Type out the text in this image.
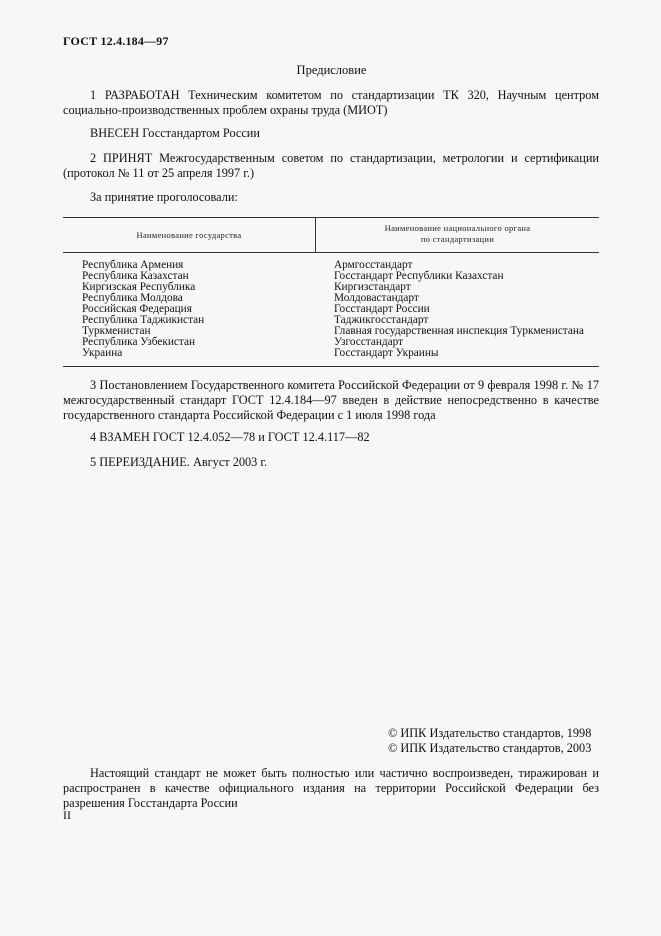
ГОСТ 12.4.184—97
Предисловие
1 РАЗРАБОТАН Техническим комитетом по стандартизации ТК 320, Научным центром социально-производственных проблем охраны труда (МИОТ)
ВНЕСЕН Госстандартом России
2 ПРИНЯТ Межгосударственным советом по стандартизации, метрологии и сертификации (протокол № 11 от 25 апреля 1997 г.)
За принятие проголосовали:
Наименование государства
Наименование национального органа
по стандартизации
Республика Армения
Республика Казахстан
Киргизская Республика
Республика Молдова
Российская Федерация
Республика Таджикистан
Туркменистан
Республика Узбекистан
Украина
Армгосстандарт
Госстандарт Республики Казахстан
Киргизстандарт
Молдовастандарт
Госстандарт России
Таджикгосстандарт
Главная государственная инспекция Туркменистана
Узгосстандарт
Госстандарт Украины
3 Постановлением Государственного комитета Российской Федерации от 9 февраля 1998 г. № 17 межгосударственный стандарт ГОСТ 12.4.184—97 введен в действие непосредственно в качестве государственного стандарта Российской Федерации с 1 июля 1998 года
4 ВЗАМЕН ГОСТ 12.4.052—78 и ГОСТ 12.4.117—82
5 ПЕРЕИЗДАНИЕ. Август 2003 г.
© ИПК Издательство стандартов, 1998
© ИПК Издательство стандартов, 2003
Настоящий стандарт не может быть полностью или частично воспроизведен, тиражирован и распространен в качестве официального издания на территории Российской Федерации без разрешения Госстандарта России
II
